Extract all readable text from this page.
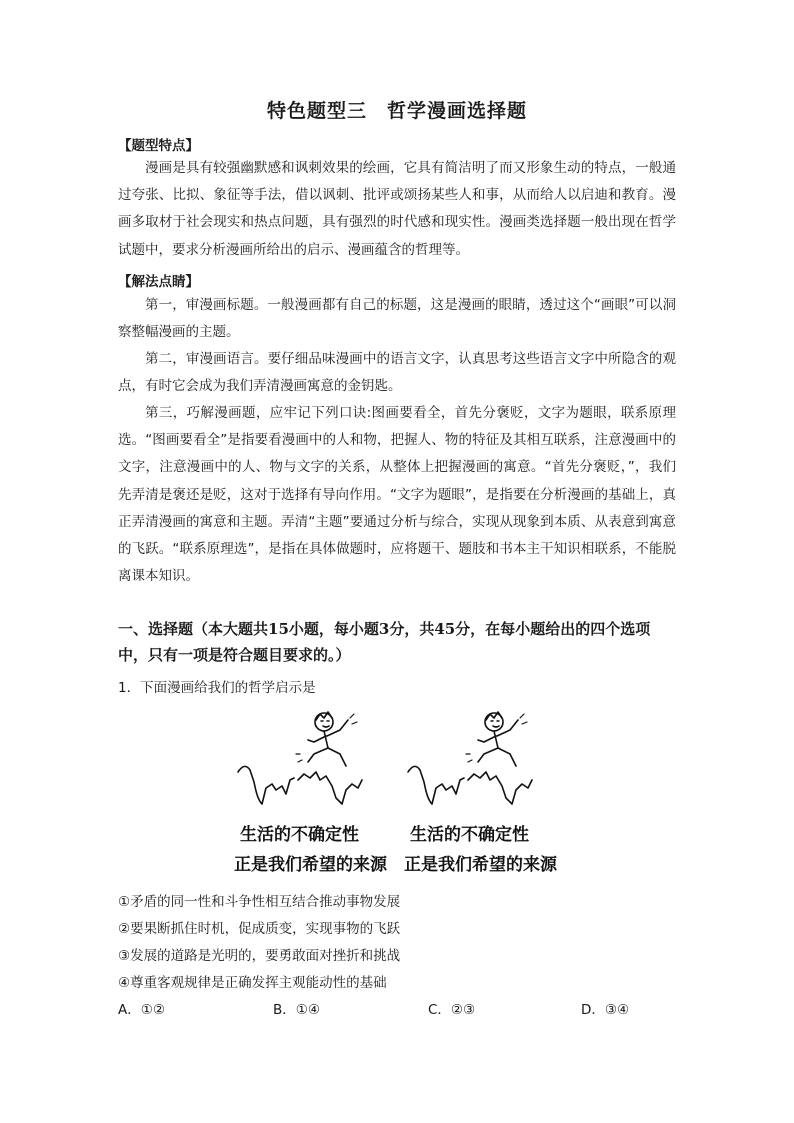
特色题型三　哲学漫画选择题
【题型特点】

漫画是具有较强幽默感和讽刺效果的绘画，它具有简洁明了而又形象生动的特点，一般通过夸张、比拟、象征等手法，借以讽刺、批评或颂扬某些人和事，从而给人以启迪和教育。漫画多取材于社会现实和热点问题，具有强烈的时代感和现实性。漫画类选择题一般出现在哲学试题中，要求分析漫画所给出的启示、漫画蕴含的哲理等。

【解法点睛】

第一，审漫画标题。一般漫画都有自己的标题，这是漫画的眼睛，透过这个“画眼”可以洞察整幅漫画的主题。

第二，审漫画语言。要仔细品味漫画中的语言文字，认真思考这些语言文字中所隐含的观点，有时它会成为我们弄清漫画寓意的金钥匙。

第三，巧解漫画题，应牢记下列口诀:图画要看全，首先分褒贬，文字为题眼，联系原理选。“图画要看全”是指要看漫画中的人和物，把握人、物的特征及其相互联系，注意漫画中的文字，注意漫画中的人、物与文字的关系，从整体上把握漫画的寓意。“首先分褒贬，”，我们先弄清是褒还是贬，这对于选择有导向作用。“文字为题眼”，是指要在分析漫画的基础上，真正弄清漫画的寓意和主题。弄清“主题”要通过分析与综合，实现从现象到本质、从表意到寓意的飞跃。“联系原理选”，是指在具体做题时，应将题干、题肢和书本主干知识相联系，不能脱离课本知识。

一、选择题（本大题共15小题，每小题3分，共45分，在每小题给出的四个选项中，只有一项是符合题目要求的。）

1．下面漫画给我们的哲学启示是
生活的不确定性
正是我们希望的来源
生活的不确定性
正是我们希望的来源
①矛盾的同一性和斗争性相互结合推动事物发展
②要果断抓住时机，促成质变，实现事物的飞跃
③发展的道路是光明的，要勇敢面对挫折和挑战
④尊重客观规律是正确发挥主观能动性的基础
A．①②	B．①④	C．②③	D．③④
